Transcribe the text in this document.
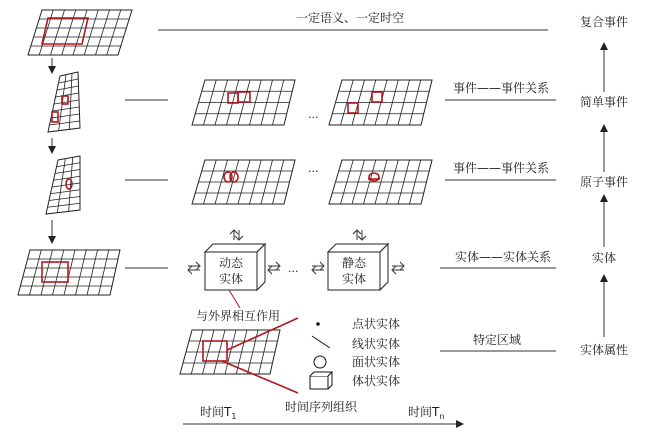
一定语义、一定时空
...
事件——事件关系
...	事件——事件关系
动态
实体
...	静态
实体
实体——实体关系
与外界相互作用
点状实体
线状实体
面状实体
体状实体
特定区域
时间$T_1$
时间序列组织	时间$T_n$
复合事件
简单事件
原子事件
实体
实体属性
